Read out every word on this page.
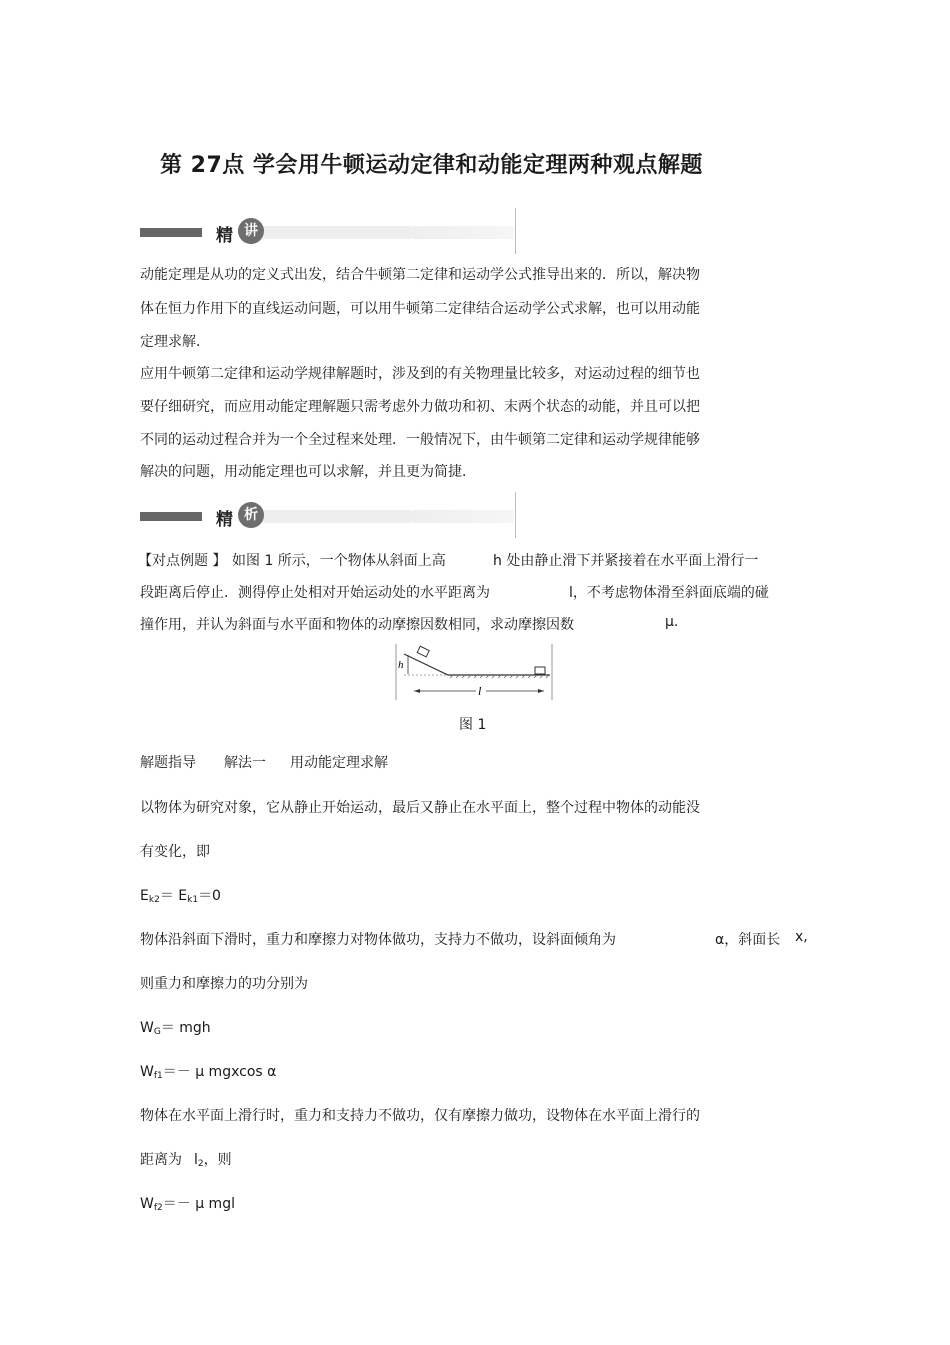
第 27点 学会用牛顿运动定律和动能定理两种观点解题
精 讲
动能定理是从功的定义式出发，结合牛顿第二定律和运动学公式推导出来的．所以，解决物
体在恒力作用下的直线运动问题，可以用牛顿第二定律结合运动学公式求解，也可以用动能
定理求解．
应用牛顿第二定律和运动学规律解题时，涉及到的有关物理量比较多，对运动过程的细节也
要仔细研究，而应用动能定理解题只需考虑外力做功和初、末两个状态的动能，并且可以把
不同的运动过程合并为一个全过程来处理．一般情况下，由牛顿第二定律和运动学规律能够
解决的问题，用动能定理也可以求解，并且更为简捷．
精 析
【对点例题 】 如图 1 所示，一个物体从斜面上高	h 处由静止滑下并紧接着在水平面上滑行一
段距离后停止．测得停止处相对开始运动处的水平距离为	l，不考虑物体滑至斜面底端的碰
撞作用，并认为斜面与水平面和物体的动摩擦因数相同，求动摩擦因数	μ.
h
l
图 1
解题指导 解法一 用动能定理求解
以物体为研究对象，它从静止开始运动，最后又静止在水平面上，整个过程中物体的动能没
有变化，即
$E_{k2}= E_{k1}=0$
物体沿斜面下滑时，重力和摩擦力对物体做功，支持力不做功，设斜面倾角为	α，斜面长 x,
则重力和摩擦力的功分别为
$W_G=$ mgh
$W_{f1}=- \mu$ mgxcos α
物体在水平面上滑行时，重力和支持力不做功，仅有摩擦力做功，设物体在水平面上滑行的
距离为 $l_2$，则
$W_{f2}=- \mu$ mgl
